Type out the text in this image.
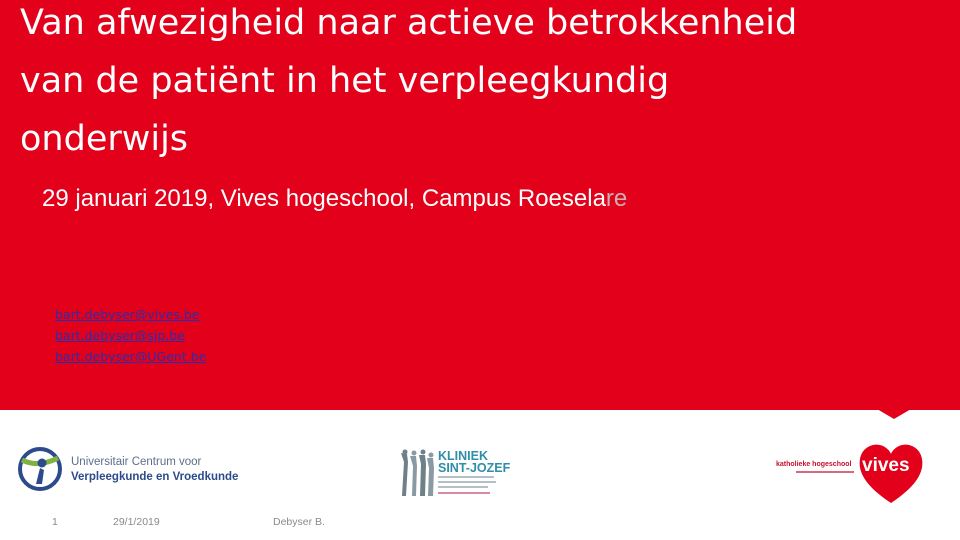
Van afwezigheid naar actieve betrokkenheid
van de patiënt in het verpleegkundig
onderwijs
29 januari 2019, Vives hogeschool, Campus Roeselare
bart.debyser@vives.be
bart.debyser@sjp.be
bart.debyser@UGent.be
Universitair Centrum voor
Verpleegkunde en Vroedkunde
KLINIEK
SINT-JOZEF	katholieke hogeschool vives
1	29/1/2019	Debyser B.
